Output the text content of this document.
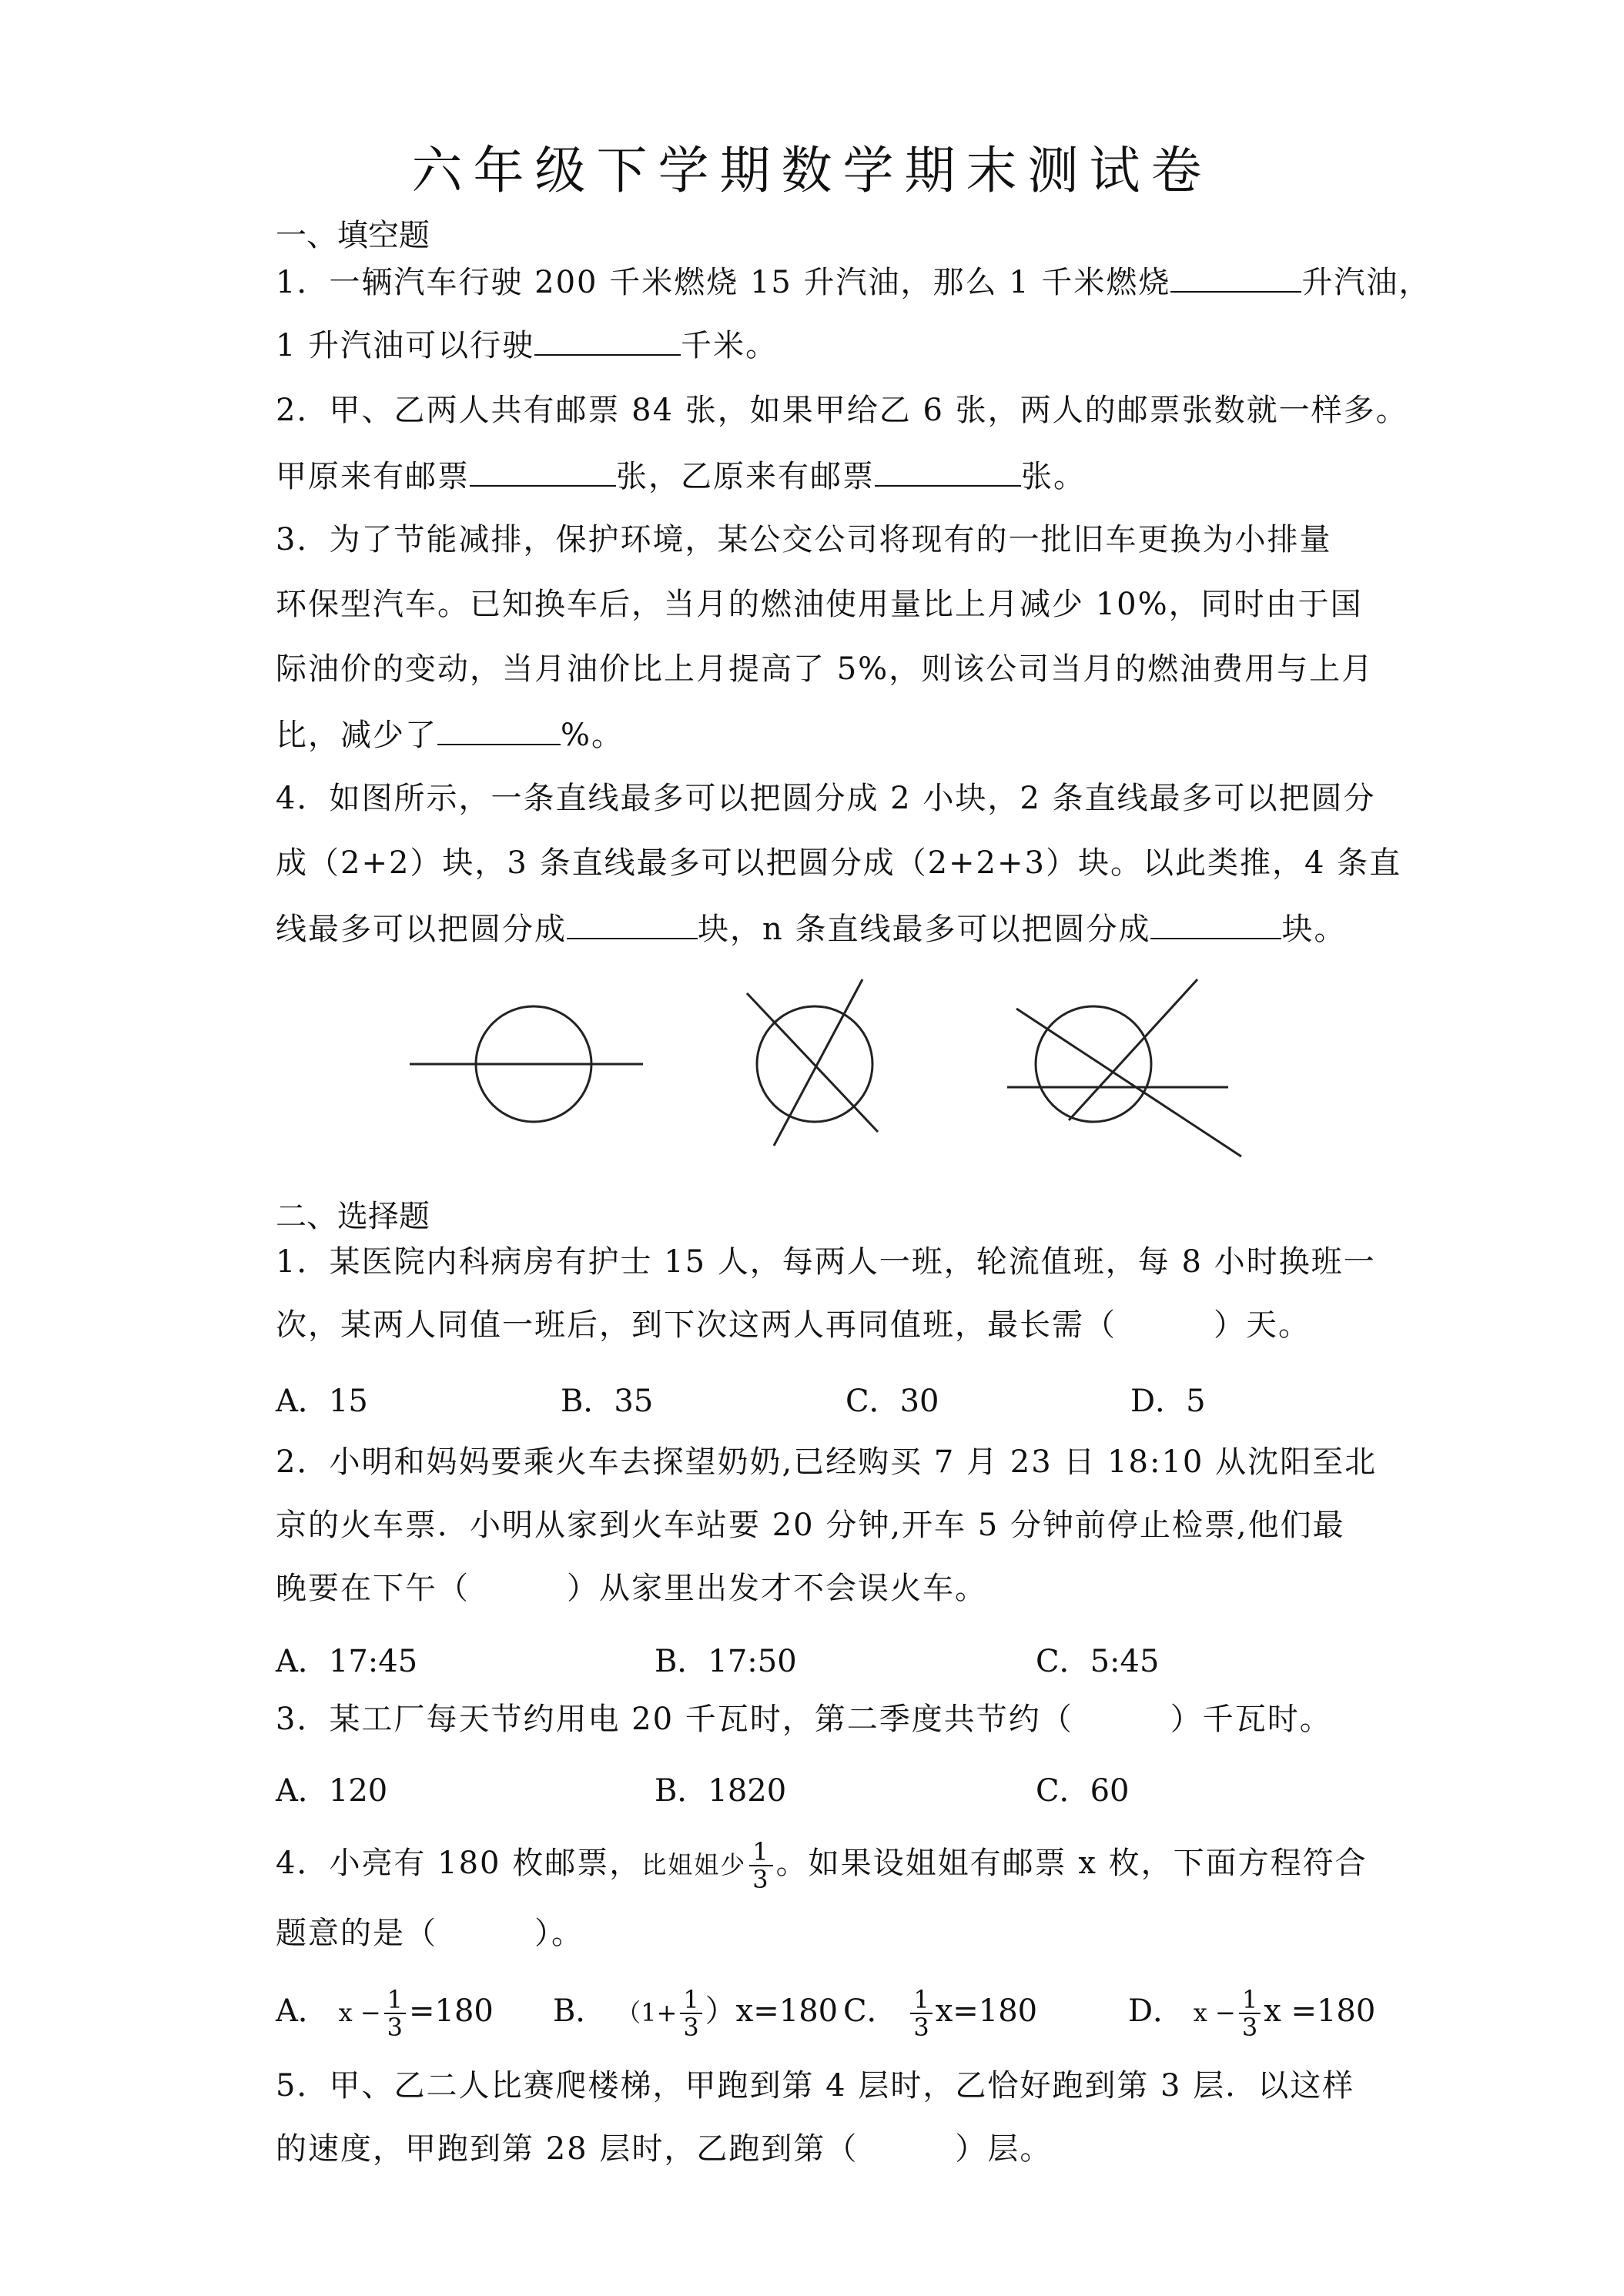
六年级下学期数学期末测试卷
一、填空题
1．一辆汽车行驶 200 千米燃烧 15 升汽油，那么 1 千米燃烧	升汽油，
1 升汽油可以行驶	千米。
2．甲、乙两人共有邮票 84 张，如果甲给乙 6 张，两人的邮票张数就一样多。
甲原来有邮票	张，乙原来有邮票	张。
3．为了节能减排，保护环境，某公交公司将现有的一批旧车更换为小排量
环保型汽车。已知换车后，当月的燃油使用量比上月减少 10%，同时由于国
际油价的变动，当月油价比上月提高了 5%，则该公司当月的燃油费用与上月
比，减少了	%。
4．如图所示，一条直线最多可以把圆分成 2 小块，2 条直线最多可以把圆分
成（2+2）块，3 条直线最多可以把圆分成（2+2+3）块。以此类推，4 条直
线最多可以把圆分成	块，n 条直线最多可以把圆分成	块。
二、选择题
1．某医院内科病房有护士 15 人，每两人一班，轮流值班，每 8 小时换班一
次，某两人同值一班后，到下次这两人再同值班，最长需（　　　）天。
A．15	B．35	C．30	D．5
2．小明和妈妈要乘火车去探望奶奶,已经购买 7 月 23 日 18:10 从沈阳至北
京的火车票．小明从家到火车站要 20 分钟,开车 5 分钟前停止检票,他们最
晚要在下午（　　　）从家里出发才不会误火车。
A．17:45	B．17:50	C．5:45
3．某工厂每天节约用电 20 千瓦时，第二季度共节约（　　　）千瓦时。
A．120	B．1820	C．60
4．小亮有 180 枚邮票，比姐姐少 $\frac{1}{3}$ 。如果设姐姐有邮票 x 枚，下面方程符合
题意的是（　　　）。
A． $x - \frac{1}{3} =180$ B． $(1+ \frac{1}{3} )x=180$ C． $\frac{1}{3} x=180$	D． $x - \frac{1}{3}$ x =180
5．甲、乙二人比赛爬楼梯，甲跑到第 4 层时，乙恰好跑到第 3 层．以这样
的速度，甲跑到第 28 层时，乙跑到第（　　　）层。
